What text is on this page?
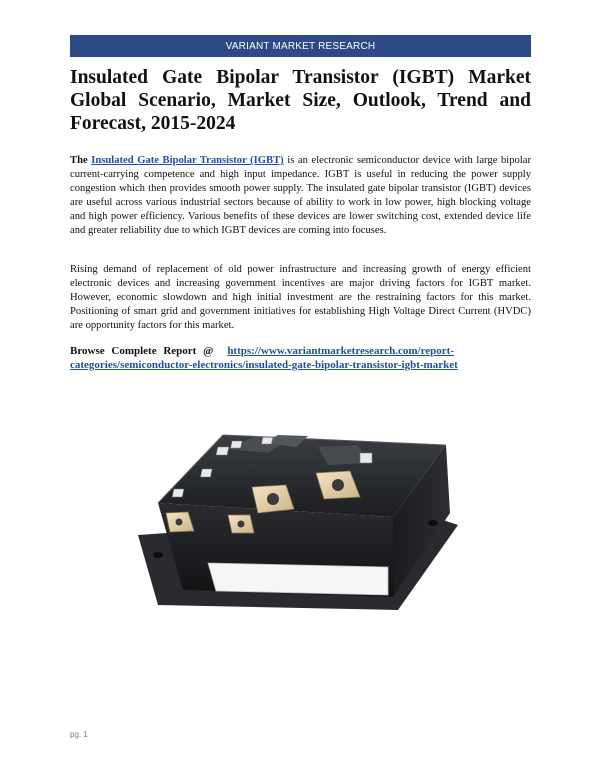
VARIANT MARKET RESEARCH
Insulated Gate Bipolar Transistor (IGBT) Market Global Scenario, Market Size, Outlook, Trend and Forecast, 2015-2024

The Insulated Gate Bipolar Transistor (IGBT) is an electronic semiconductor device with large bipolar current-carrying competence and high input impedance. IGBT is useful in reducing the power supply congestion which then provides smooth power supply. The insulated gate bipolar transistor (IGBT) devices are useful across various industrial sectors because of ability to work in low power, high blocking voltage and high power efficiency. Various benefits of these devices are lower switching cost, extended device life and greater reliability due to which IGBT devices are coming into focuses.

Rising demand of replacement of old power infrastructure and increasing growth of energy efficient electronic devices and increasing government incentives are major driving factors for IGBT market. However, economic slowdown and high initial investment are the restraining factors for this market. Positioning of smart grid and government initiatives for establishing High Voltage Direct Current (HVDC) are opportunity factors for this market.

Browse Complete Report @ https://www.variantmarketresearch.com/report-categories/semiconductor-electronics/insulated-gate-bipolar-transistor-igbt-market

pg. 1
